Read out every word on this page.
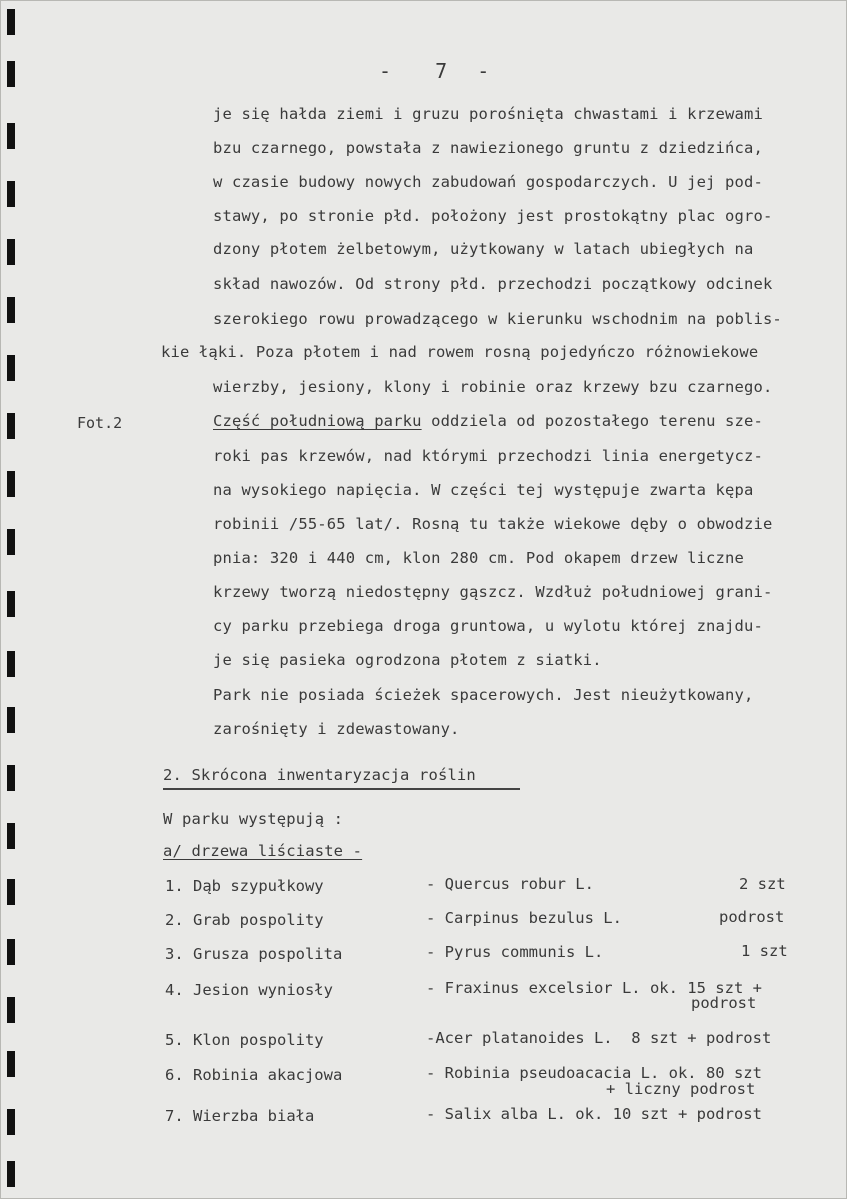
-   7  -
je się hałda ziemi i gruzu porośnięta chwastami i krzewami
bzu czarnego, powstała z nawiezionego gruntu z dziedzińca,
w czasie budowy nowych zabudowań gospodarczych. U jej pod-
stawy, po stronie płd. położony jest prostokątny plac ogro-
dzony płotem żelbetowym, użytkowany w latach ubiegłych na
skład nawozów. Od strony płd. przechodzi początkowy odcinek
szerokiego rowu prowadzącego w kierunku wschodnim na poblis-
kie łąki. Poza płotem i nad rowem rosną pojedyńczo różnowiekowe
wierzby, jesiony, klony i robinie oraz krzewy bzu czarnego.
Fot.2	Część południową parku oddziela od pozostałego terenu sze-
roki pas krzewów, nad którymi przechodzi linia energetycz-
na wysokiego napięcia. W części tej występuje zwarta kępa
robinii /55-65 lat/. Rosną tu także wiekowe dęby o obwodzie
pnia: 320 i 440 cm, klon 280 cm. Pod okapem drzew liczne
krzewy tworzą niedostępny gąszcz. Wzdłuż południowej grani-
cy parku przebiega droga gruntowa, u wylotu której znajdu-
je się pasieka ogrodzona płotem z siatki.
Park nie posiada ścieżek spacerowych. Jest nieużytkowany,
zarośnięty i zdewastowany.
2. Skrócona inwentaryzacja roślin
W parku występują :
a/ drzewa liściaste -
1. Dąb szypułkowy	- Quercus robur L.	2 szt
2. Grab pospolity	- Carpinus bezulus L.	podrost
3. Grusza pospolita	- Pyrus communis L.	1 szt
4. Jesion wyniosły	- Fraxinus excelsior L. ok. 15 szt +
podrost
5. Klon pospolity	-Acer platanoides L.  8 szt + podrost
6. Robinia akacjowa	- Robinia pseudoacacia L. ok. 80 szt
+ liczny podrost
7. Wierzba biała	- Salix alba L. ok. 10 szt + podrost
